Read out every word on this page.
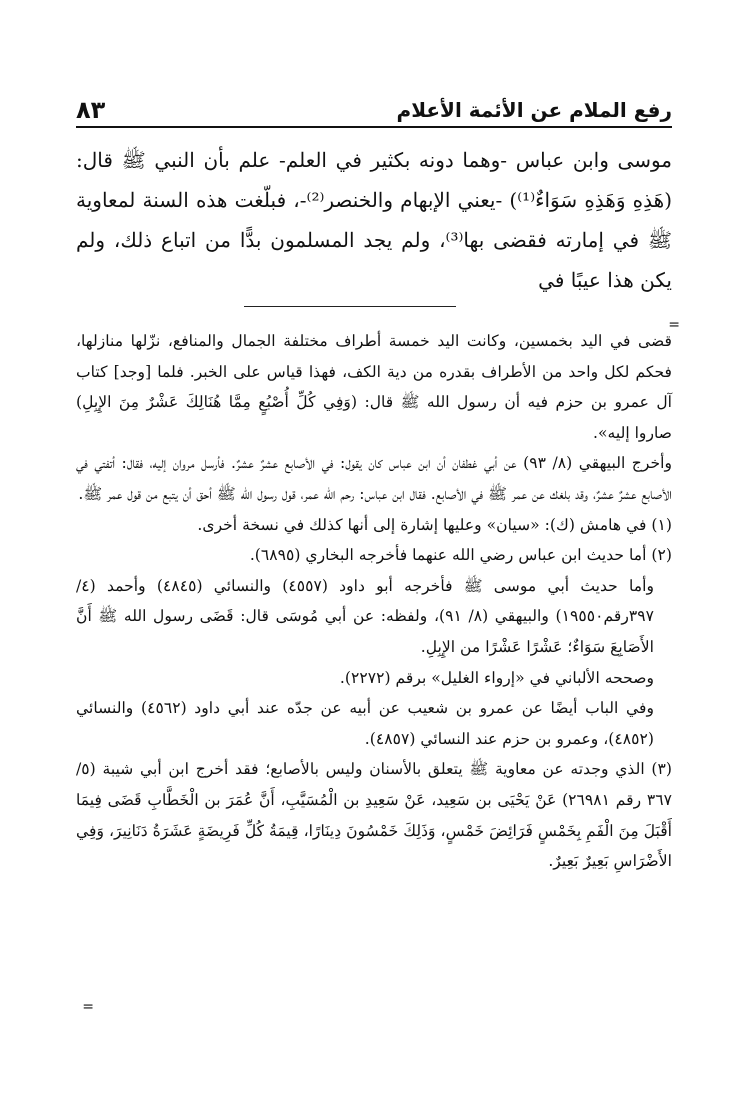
رفع الملام عن الأئمة الأعلام
٨٣

موسى وابن عباس -وهما دونه بكثير في العلم- علم بأن النبي ﷺ قال: (هَذِهِ وَهَذِهِ سَوَاءٌ⁽¹⁾) -يعني الإبهام والخنصر⁽²⁾-، فبلّغت هذه السنة لمعاوية ﷺ في إمارته فقضى بها⁽³⁾، ولم يجد المسلمون بدًّا من اتباع ذلك، ولم يكن هذا عيبًا في

=

قضى في اليد بخمسين، وكانت اليد خمسة أطراف مختلفة الجمال والمنافع، نزّلها منازلها، فحكم لكل واحد من الأطراف بقدره من دية الكف، فهذا قياس على الخبر. فلما [وجد] كتاب آل عمرو بن حزم فيه أن رسول الله ﷺ قال: (وَفِي كُلِّ أُصْبُعٍ مِمَّا هُنَالِكَ عَشْرٌ مِنَ الإِبِلِ) صاروا إليه».

وأخرج البيهقي (٨/ ٩٣) عن أبي غطفان أن ابن عباس كان يقول: في الأصابع عشرٌ عشرٌ. فأرسل مروان إليه، فقال: أتفتي في الأصابع عشرٌ عشرٌ، وقد بلغك عن عمر ﷺ في الأصابع. فقال ابن عباس: رحم الله عمر، قول رسول الله ﷺ أحق أن يتبع من قول عمر ﷺ.

(١) في هامش (ك): «سيان» وعليها إشارة إلى أنها كذلك في نسخة أخرى.

(٢) أما حديث ابن عباس رضي الله عنهما فأخرجه البخاري (٦٨٩٥).

وأما حديث أبي موسى ﷺ فأخرجه أبو داود (٤٥٥٧) والنسائي (٤٨٤٥) وأحمد (٤/ ٣٩٧رقم١٩٥٥٠) والبيهقي (٨/ ٩١)، ولفظه: عن أبي مُوسَى قال: قَضَى رسول الله ﷺ أَنَّ الأَصَابِعَ سَوَاءٌ؛ عَشْرًا عَشْرًا من الإِبِلِ.

وصححه الألباني في «إرواء الغليل» برقم (٢٢٧٢).

وفي الباب أيضًا عن عمرو بن شعيب عن أبيه عن جدّه عند أبي داود (٤٥٦٢) والنسائي (٤٨٥٢)، وعمرو بن حزم عند النسائي (٤٨٥٧).

(٣) الذي وجدته عن معاوية ﷺ يتعلق بالأسنان وليس بالأصابع؛ فقد أخرج ابن أبي شيبة (٥/ ٣٦٧ رقم ٢٦٩٨١) عَنْ يَحْيَى بن سَعِيد، عَنْ سَعِيدِ بن الْمُسَيَّبِ، أَنَّ عُمَرَ بن الْخَطَّابِ قَضَى فِيمَا أَقْبَلَ مِنَ الْفَمِ بِخَمْسٍ فَرَائِضَ خَمْسٍ، وَذَلِكَ خَمْسُونَ دِينَارًا، قِيمَةُ كُلِّ فَرِيضَةٍ عَشَرَةُ دَنَانِيرَ، وَفِي الأَضْرَاسِ بَعِيرٌ بَعِيرٌ.

=
